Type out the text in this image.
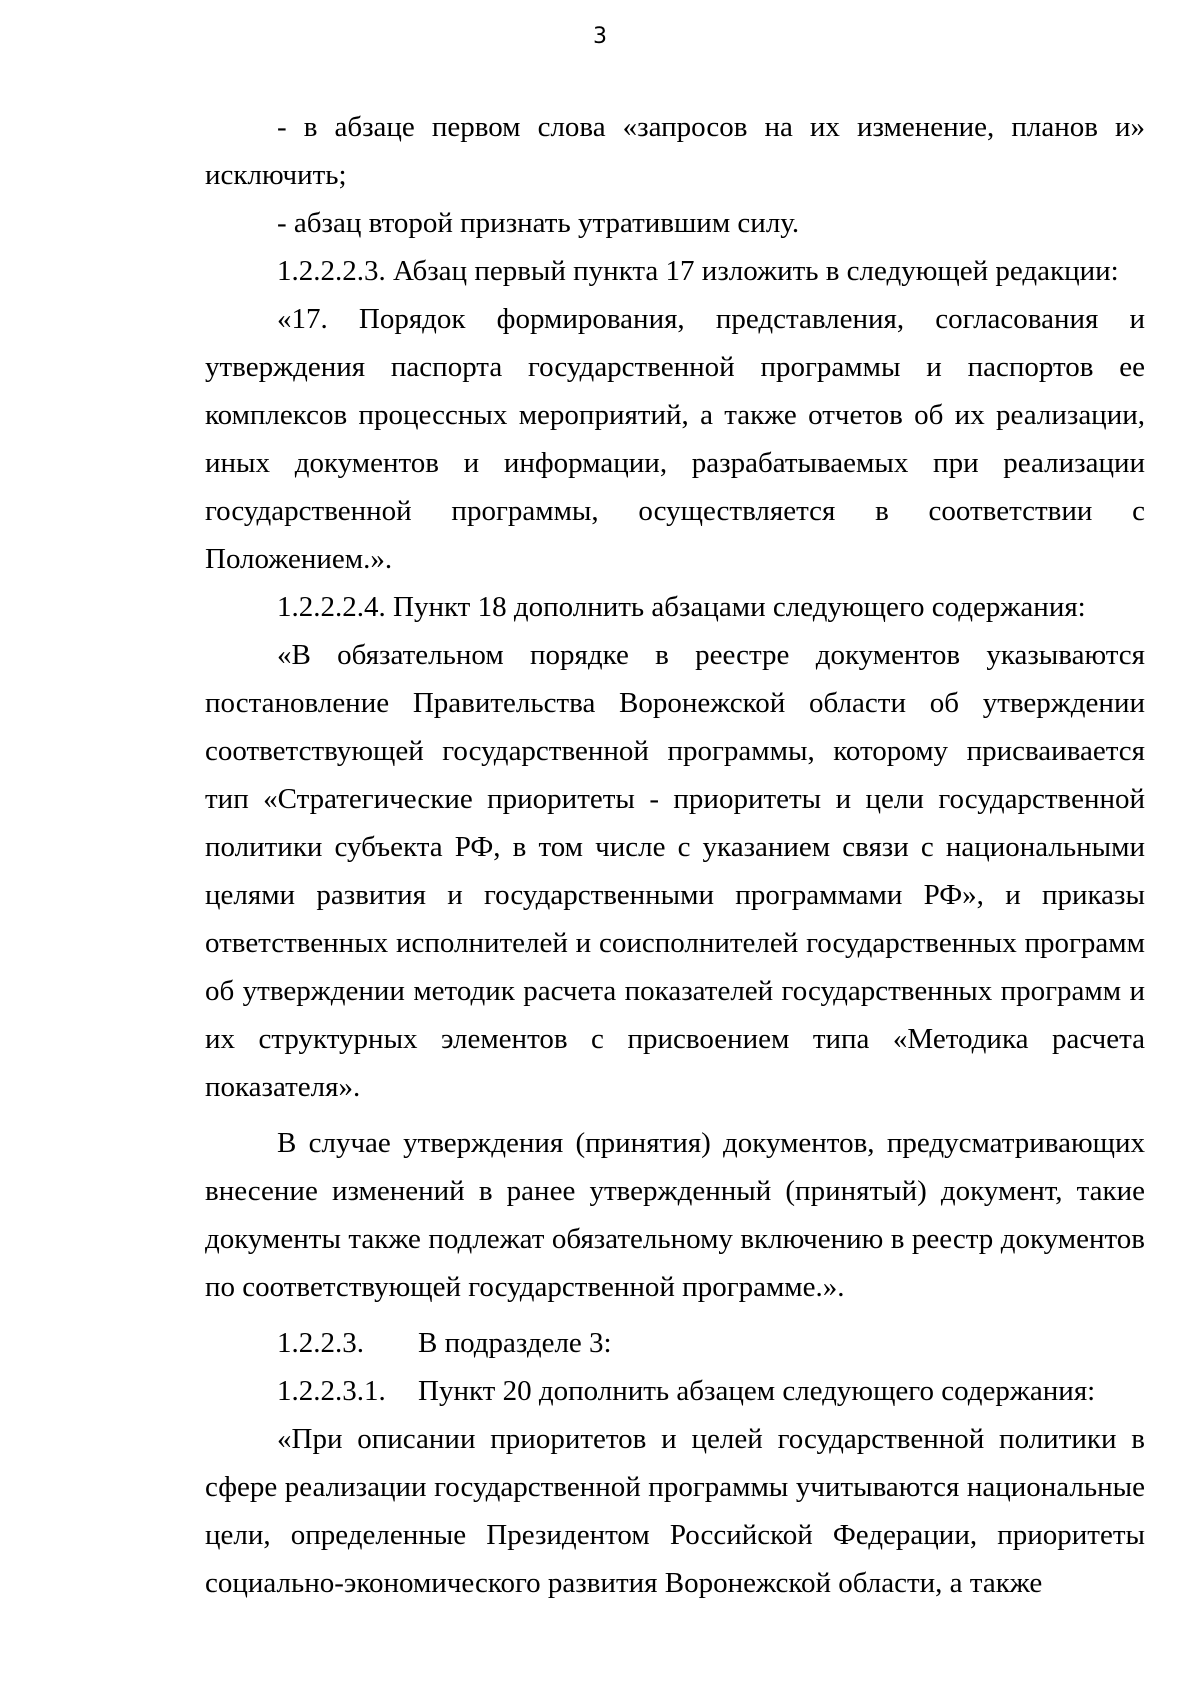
3

- в абзаце первом слова «запросов на их изменение, планов и» исключить;

- абзац второй признать утратившим силу.

1.2.2.2.3. Абзац первый пункта 17 изложить в следующей редакции:

«17. Порядок формирования, представления, согласования и утверждения паспорта государственной программы и паспортов ее комплексов процессных мероприятий, а также отчетов об их реализации, иных документов и информации, разрабатываемых при реализации государственной программы, осуществляется в соответствии с Положением.».

1.2.2.2.4. Пункт 18 дополнить абзацами следующего содержания:

«В обязательном порядке в реестре документов указываются постановление Правительства Воронежской области об утверждении соответствующей государственной программы, которому присваивается тип «Стратегические приоритеты - приоритеты и цели государственной политики субъекта РФ, в том числе с указанием связи с национальными целями развития и государственными программами РФ», и приказы ответственных исполнителей и соисполнителей государственных программ об утверждении методик расчета показателей государственных программ и их структурных элементов с присвоением типа «Методика расчета показателя».

В случае утверждения (принятия) документов, предусматривающих внесение изменений в ранее утвержденный (принятый) документ, такие документы также подлежат обязательному включению в реестр документов по соответствующей государственной программе.».

1.2.2.3.	В подразделе 3:
1.2.2.3.1.	Пункт 20 дополнить абзацем следующего содержания:

«При описании приоритетов и целей государственной политики в сфере реализации государственной программы учитываются национальные цели, определенные Президентом Российской Федерации, приоритеты социально-экономического развития Воронежской области, а также
